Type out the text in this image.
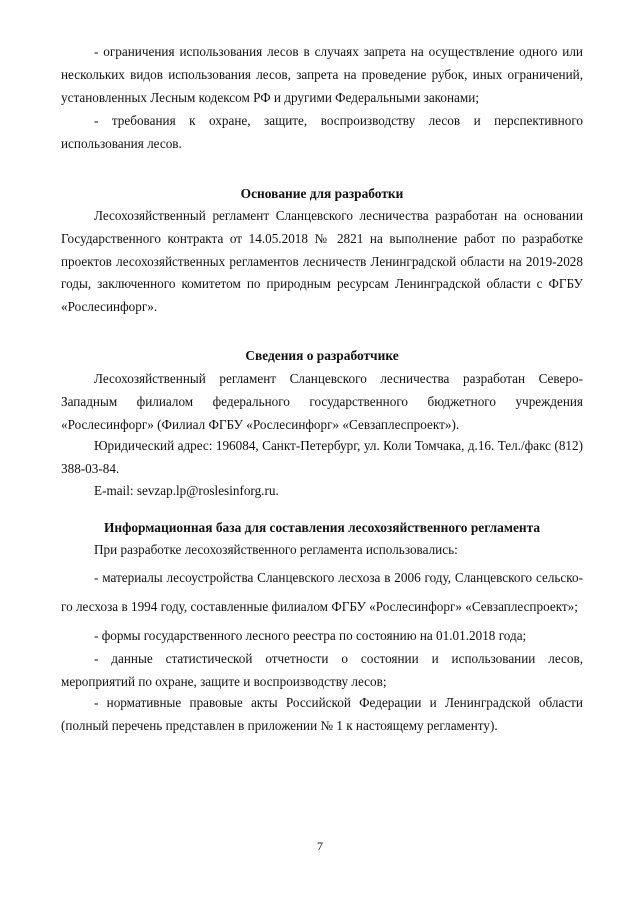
- ограничения использования лесов в случаях запрета на осуществление одного или нескольких видов использования лесов, запрета на проведение рубок, иных ограничений, установленных Лесным кодексом РФ и другими Федеральными законами;

- требования к охране, защите, воспроизводству лесов и перспективного использования лесов.

Основание для разработки

Лесохозяйственный регламент Сланцевского лесничества разработан на основании Государственного контракта от 14.05.2018 № 2821 на выполнение работ по разработке проектов лесохозяйственных регламентов лесничеств Ленинградской области на 2019-2028 годы, заключенного комитетом по природным ресурсам Ленинградской области с ФГБУ «Рослесинфорг».

Сведения о разработчике

Лесохозяйственный регламент Сланцевского лесничества разработан Северо-Западным филиалом федерального государственного бюджетного учреждения «Рослесинфорг» (Филиал ФГБУ «Рослесинфорг» «Севзаплеспроект»).

Юридический адрес: 196084, Санкт-Петербург, ул. Коли Томчака, д.16. Тел./факс (812) 388-03-84.

E-mail: sevzap.lp@roslesinforg.ru.

Информационная база для составления лесохозяйственного регламента

При разработке лесохозяйственного регламента использовались:

- материалы лесоустройства Сланцевского лесхоза в 2006 году, Сланцевского сельско-

го лесхоза в 1994 году, составленные филиалом ФГБУ «Рослесинфорг» «Севзаплеспроект»;

- формы государственного лесного реестра по состоянию на 01.01.2018 года;

- данные статистической отчетности о состоянии и использовании лесов, мероприятий по охране, защите и воспроизводству лесов;

- нормативные правовые акты Российской Федерации и Ленинградской области (полный перечень представлен в приложении № 1 к настоящему регламенту).

7
